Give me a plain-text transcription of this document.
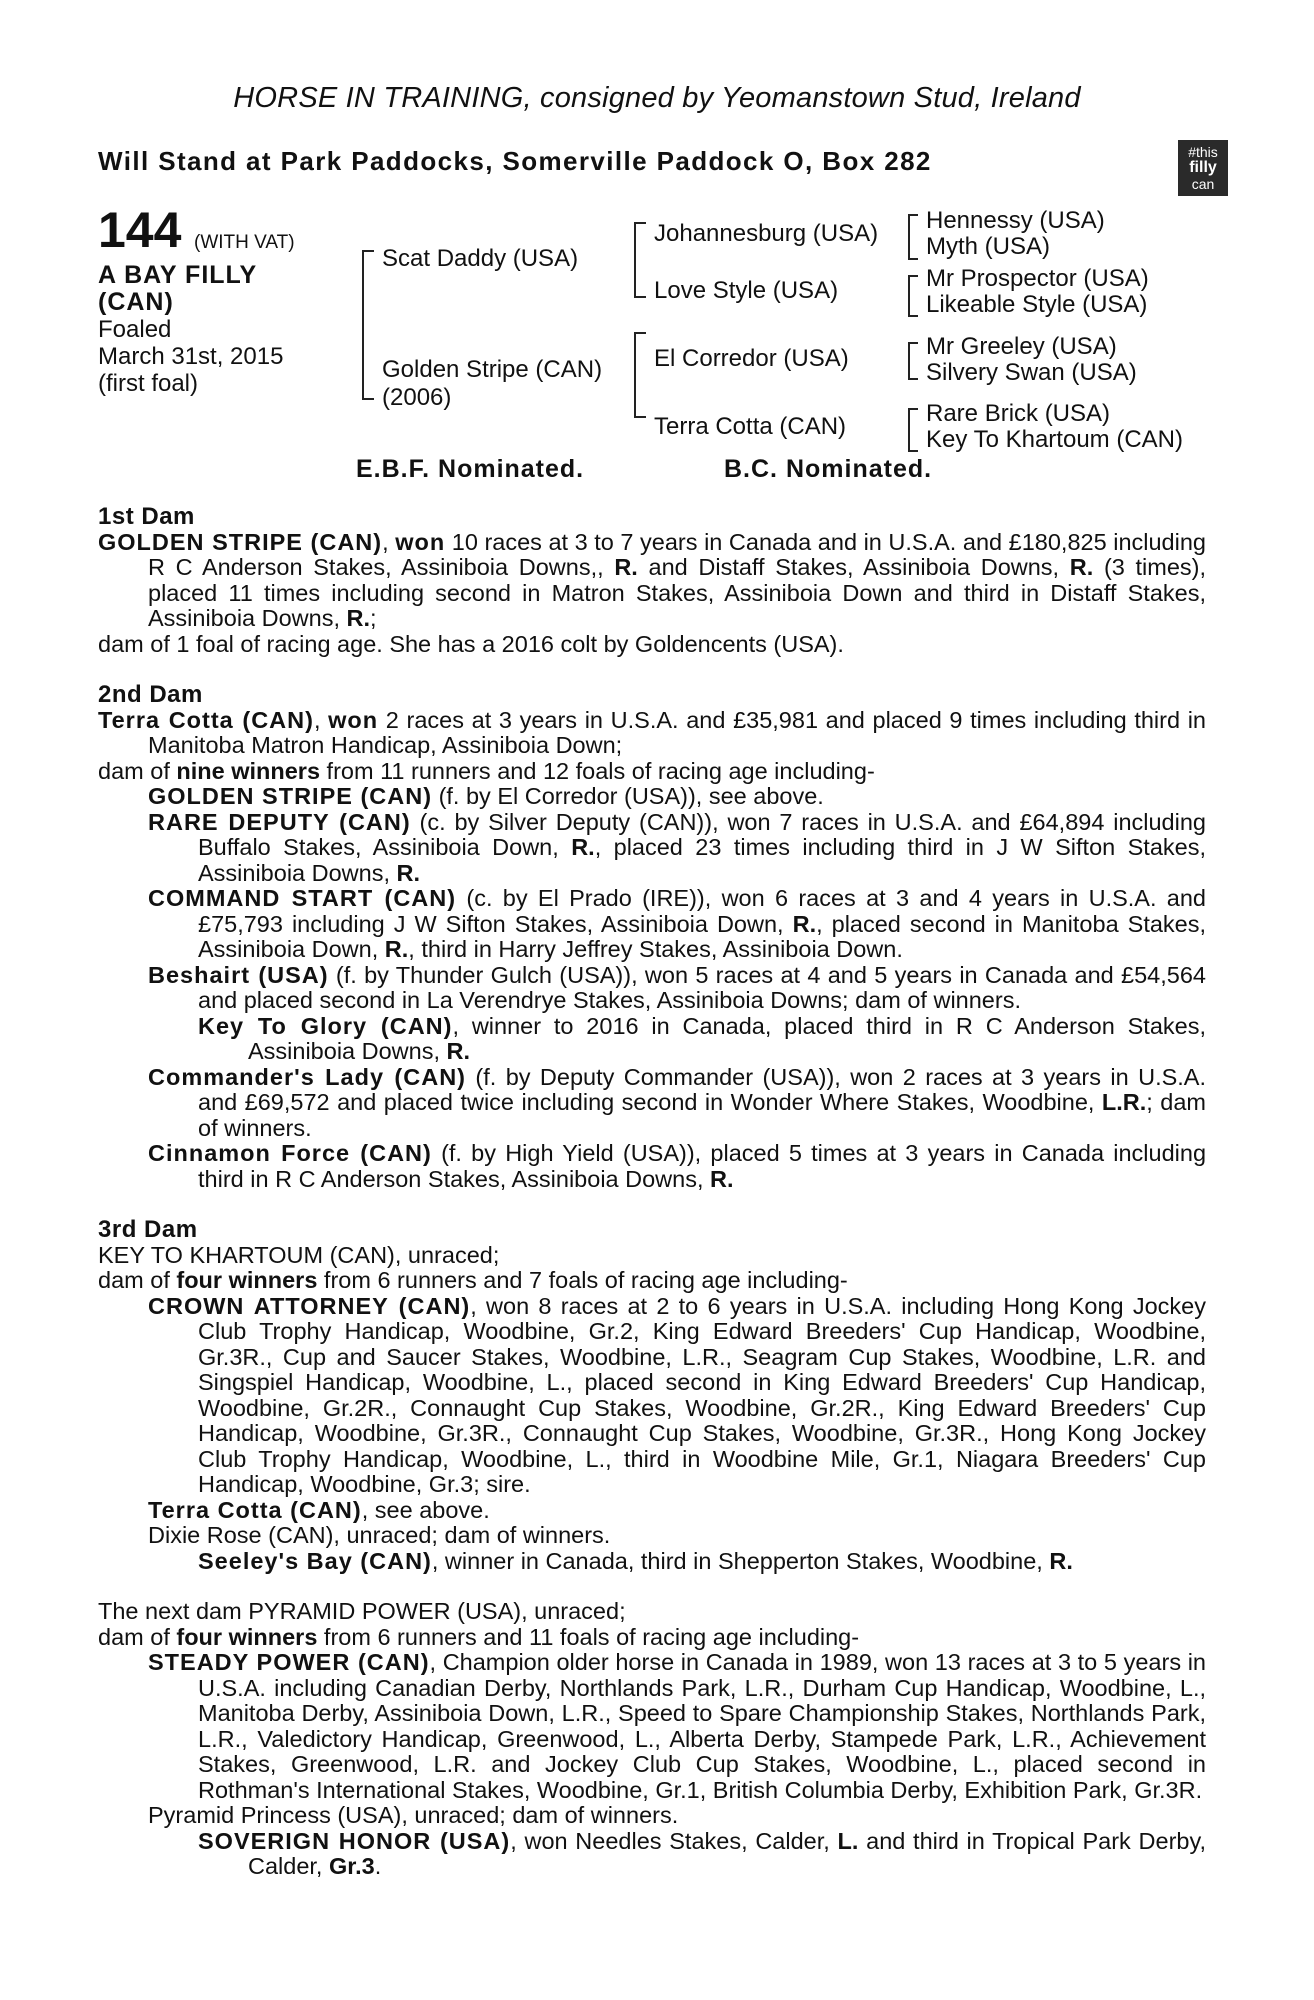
HORSE IN TRAINING, consigned by Yeomanstown Stud, Ireland
Will Stand at Park Paddocks, Somerville Paddock O, Box 282	#this
filly
can
144 (WITH VAT)
A BAY FILLY
(CAN)
Foaled
March 31st, 2015
(first foal)
Scat Daddy (USA)
Golden Stripe (CAN)
(2006)
Johannesburg (USA)
Love Style (USA)
El Corredor (USA)
Terra Cotta (CAN)
Hennessy (USA)
Myth (USA)
Mr Prospector (USA)
Likeable Style (USA)
Mr Greeley (USA)
Silvery Swan (USA)
Rare Brick (USA)
Key To Khartoum (CAN)
E.B.F. Nominated.	B.C. Nominated.

1st Dam

GOLDEN STRIPE (CAN), won 10 races at 3 to 7 years in Canada and in U.S.A. and £180,825 including R C Anderson Stakes, Assiniboia Downs,, R. and Distaff Stakes, Assiniboia Downs, R. (3 times), placed 11 times including second in Matron Stakes, Assiniboia Down and third in Distaff Stakes, Assiniboia Downs, R.;

dam of 1 foal of racing age. She has a 2016 colt by Goldencents (USA).

2nd Dam

Terra Cotta (CAN), won 2 races at 3 years in U.S.A. and £35,981 and placed 9 times including third in Manitoba Matron Handicap, Assiniboia Down;

dam of nine winners from 11 runners and 12 foals of racing age including-

GOLDEN STRIPE (CAN) (f. by El Corredor (USA)), see above.

RARE DEPUTY (CAN) (c. by Silver Deputy (CAN)), won 7 races in U.S.A. and £64,894 including Buffalo Stakes, Assiniboia Down, R., placed 23 times including third in J W Sifton Stakes, Assiniboia Downs, R.

COMMAND START (CAN) (c. by El Prado (IRE)), won 6 races at 3 and 4 years in U.S.A. and £75,793 including J W Sifton Stakes, Assiniboia Down, R., placed second in Manitoba Stakes, Assiniboia Down, R., third in Harry Jeffrey Stakes, Assiniboia Down.

Beshairt (USA) (f. by Thunder Gulch (USA)), won 5 races at 4 and 5 years in Canada and £54,564 and placed second in La Verendrye Stakes, Assiniboia Downs; dam of winners.

Key To Glory (CAN), winner to 2016 in Canada, placed third in R C Anderson Stakes, Assiniboia Downs, R.

Commander's Lady (CAN) (f. by Deputy Commander (USA)), won 2 races at 3 years in U.S.A. and £69,572 and placed twice including second in Wonder Where Stakes, Woodbine, L.R.; dam of winners.

Cinnamon Force (CAN) (f. by High Yield (USA)), placed 5 times at 3 years in Canada including third in R C Anderson Stakes, Assiniboia Downs, R.

3rd Dam

KEY TO KHARTOUM (CAN), unraced;

dam of four winners from 6 runners and 7 foals of racing age including-

CROWN ATTORNEY (CAN), won 8 races at 2 to 6 years in U.S.A. including Hong Kong Jockey Club Trophy Handicap, Woodbine, Gr.2, King Edward Breeders' Cup Handicap, Woodbine, Gr.3R., Cup and Saucer Stakes, Woodbine, L.R., Seagram Cup Stakes, Woodbine, L.R. and Singspiel Handicap, Woodbine, L., placed second in King Edward Breeders' Cup Handicap, Woodbine, Gr.2R., Connaught Cup Stakes, Woodbine, Gr.2R., King Edward Breeders' Cup Handicap, Woodbine, Gr.3R., Connaught Cup Stakes, Woodbine, Gr.3R., Hong Kong Jockey Club Trophy Handicap, Woodbine, L., third in Woodbine Mile, Gr.1, Niagara Breeders' Cup Handicap, Woodbine, Gr.3; sire.

Terra Cotta (CAN), see above.

Dixie Rose (CAN), unraced; dam of winners.

Seeley's Bay (CAN), winner in Canada, third in Shepperton Stakes, Woodbine, R.

The next dam PYRAMID POWER (USA), unraced;

dam of four winners from 6 runners and 11 foals of racing age including-

STEADY POWER (CAN), Champion older horse in Canada in 1989, won 13 races at 3 to 5 years in U.S.A. including Canadian Derby, Northlands Park, L.R., Durham Cup Handicap, Woodbine, L., Manitoba Derby, Assiniboia Down, L.R., Speed to Spare Championship Stakes, Northlands Park, L.R., Valedictory Handicap, Greenwood, L., Alberta Derby, Stampede Park, L.R., Achievement Stakes, Greenwood, L.R. and Jockey Club Cup Stakes, Woodbine, L., placed second in Rothman's International Stakes, Woodbine, Gr.1, British Columbia Derby, Exhibition Park, Gr.3R.

Pyramid Princess (USA), unraced; dam of winners.

SOVERIGN HONOR (USA), won Needles Stakes, Calder, L. and third in Tropical Park Derby, Calder, Gr.3.
